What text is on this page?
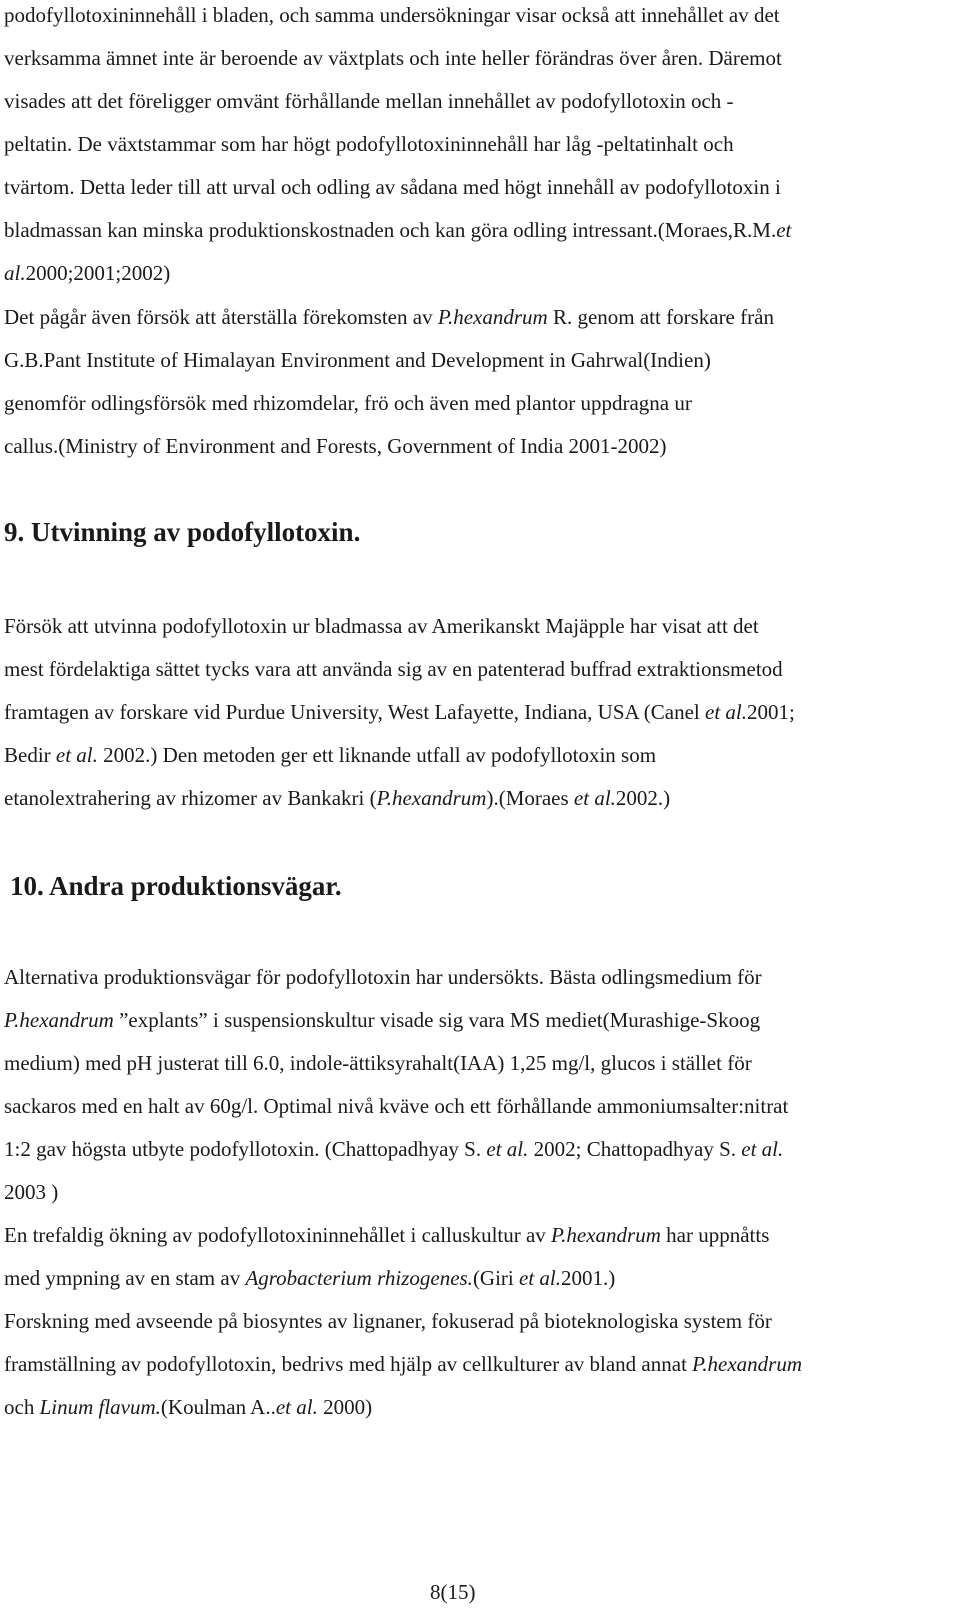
podofyllotoxininnehåll i bladen, och samma undersökningar visar också att innehållet av det
verksamma ämnet inte är beroende av växtplats och inte heller förändras över åren. Däremot
visades att det föreligger omvänt förhållande mellan innehållet av podofyllotoxin och -
peltatin. De växtstammar som har högt podofyllotoxininnehåll har låg -peltatinhalt och
tvärtom. Detta leder till att urval och odling av sådana med högt innehåll av podofyllotoxin i
bladmassan kan minska produktionskostnaden och kan göra odling intressant.(Moraes,R.M.et
al.2000;2001;2002)
Det pågår även försök att återställa förekomsten av P.hexandrum R. genom att forskare från
G.B.Pant Institute of Himalayan Environment and Development in Gahrwal(Indien)
genomför odlingsförsök med rhizomdelar, frö och även med plantor uppdragna ur
callus.(Ministry of Environment and Forests, Government of India 2001-2002)
9. Utvinning av podofyllotoxin.
Försök att utvinna podofyllotoxin ur bladmassa av Amerikanskt Majäpple har visat att det
mest fördelaktiga sättet tycks vara att använda sig av en patenterad buffrad extraktionsmetod
framtagen av forskare vid Purdue University, West Lafayette, Indiana, USA (Canel et al.2001;
Bedir et al. 2002.) Den metoden ger ett liknande utfall av podofyllotoxin som
etanolextrahering av rhizomer av Bankakri (P.hexandrum).(Moraes et al.2002.)
10. Andra produktionsvägar.
Alternativa produktionsvägar för podofyllotoxin har undersökts. Bästa odlingsmedium för
P.hexandrum ”explants” i suspensionskultur visade sig vara MS mediet(Murashige-Skoog
medium) med pH justerat till 6.0, indole-ättiksyrahalt(IAA) 1,25 mg/l, glucos i stället för
sackaros med en halt av 60g/l. Optimal nivå kväve och ett förhållande ammoniumsalter:nitrat
1:2 gav högsta utbyte podofyllotoxin. (Chattopadhyay S. et al. 2002; Chattopadhyay S. et al.
2003 )
En trefaldig ökning av podofyllotoxininnehållet i calluskultur av P.hexandrum har uppnåtts
med ympning av en stam av Agrobacterium rhizogenes.(Giri et al.2001.)
Forskning med avseende på biosyntes av lignaner, fokuserad på bioteknologiska system för
framställning av podofyllotoxin, bedrivs med hjälp av cellkulturer av bland annat P.hexandrum
och Linum flavum.(Koulman A..et al. 2000)
8(15)
